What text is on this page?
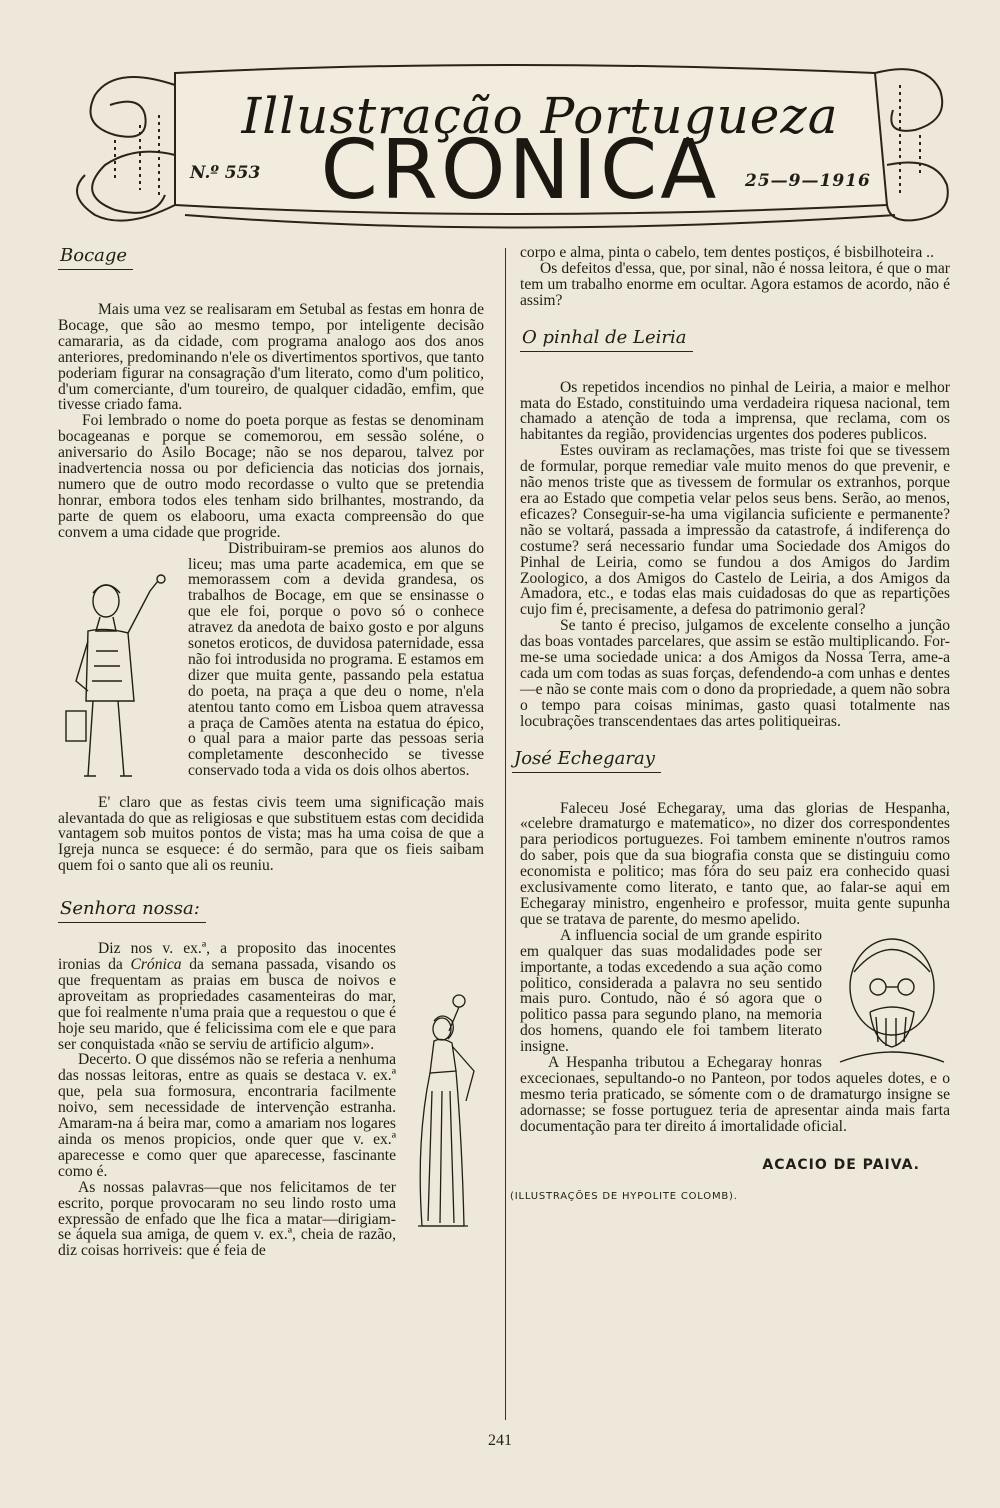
Illustração Portugueza
CRONICA
N.º 553	25—9—1916
Bocage

Mais uma vez se realisaram em Setubal as festas em honra de Bocage, que são ao mesmo tempo, por inteligente decisão camararia, as da cidade, com programa analogo aos dos anos anteriores, predominando n'ele os divertimentos sportivos, que tanto poderiam figurar na consagração d'um literato, como d'um politico, d'um comerciante, d'um toureiro, de qualquer cidadão, emfim, que tivesse criado fama.

Foi lembrado o nome do poeta porque as festas se denominam bocageanas e porque se comemorou, em sessão soléne, o aniversario do Asilo Bocage; não se nos deparou, talvez por inadvertencia nossa ou por deficiencia das noticias dos jornais, numero que de outro modo recordasse o vulto que se pretendia honrar, embora todos eles tenham sido brilhantes, mostrando, da parte de quem os elabooru, uma exacta compreensão do que convem a uma cidade que progride.

Distribuiram-se premios aos alunos do liceu; mas uma parte academica, em que se memorassem com a devida grandesa, os trabalhos de Bocage, em que se ensinasse o que ele foi, porque o povo só o conhece atravez da anedota de baixo gosto e por alguns sonetos eroticos, de duvidosa paternidade, essa não foi introdusida no programa. E estamos em dizer que muita gente, passando pela estatua do poeta, na praça a que deu o nome, n'ela atentou tanto como em Lisboa quem atravessa a praça de Camões atenta na estatua do épico, o qual para a maior parte das pessoas seria completamente desconhecido se tivesse conservado toda a vida os dois olhos abertos.

E' claro que as festas civis teem uma significação mais alevantada do que as religiosas e que substituem estas com decidida vantagem sob muitos pontos de vista; mas ha uma coisa de que a Igreja nunca se esquece: é do sermão, para que os fieis saibam quem foi o santo que ali os reuniu.

Senhora nossa:

Diz nos v. ex.ª, a proposito das inocentes ironias da Crónica da semana passada, visando os que frequentam as praias em busca de noivos e aproveitam as propriedades casamenteiras do mar, que foi realmente n'uma praia que a requestou o que é hoje seu marido, que é felicissima com ele e que para ser conquistada «não se serviu de artificio algum».

Decerto. O que dissémos não se referia a nenhuma das nossas leitoras, entre as quais se destaca v. ex.ª que, pela sua formosura, encontraria facilmente noivo, sem necessidade de intervenção estranha. Amaram-na á beira mar, como a amariam nos logares ainda os menos propicios, onde quer que v. ex.ª aparecesse e como quer que aparecesse, fascinante como é.

As nossas palavras—que nos felicitamos de ter escrito, porque provocaram no seu lindo rosto uma expressão de enfado que lhe fica a matar—dirigiam-se áquela sua amiga, de quem v. ex.ª, cheia de razão, diz coisas horriveis: que é feia de

corpo e alma, pinta o cabelo, tem dentes postiços, é bisbilhoteira ..

Os defeitos d'essa, que, por sinal, não é nossa leitora, é que o mar tem um trabalho enorme em ocultar. Agora estamos de acordo, não é assim?

O pinhal de Leiria

Os repetidos incendios no pinhal de Leiria, a maior e melhor mata do Estado, constituindo uma verdadeira riquesa nacional, tem chamado a atenção de toda a imprensa, que reclama, com os habitantes da região, providencias urgentes dos poderes publicos.

Estes ouviram as reclamações, mas triste foi que se tivessem de formular, porque remediar vale muito menos do que prevenir, e não menos triste que as tivessem de formular os extranhos, porque era ao Estado que competia velar pelos seus bens. Serão, ao menos, eficazes? Conseguir-se-ha uma vigilancia suficiente e permanente? não se voltará, passada a impressão da catastrofe, á indiferença do costume? será necessario fundar uma Sociedade dos Amigos do Pinhal de Leiria, como se fundou a dos Amigos do Jardim Zoologico, a dos Amigos do Castelo de Leiria, a dos Amigos da Amadora, etc., e todas elas mais cuidadosas do que as repartições cujo fim é, precisamente, a defesa do patrimonio geral?

Se tanto é preciso, julgamos de excelente conselho a junção das boas vontades parcelares, que assim se estão multiplicando. For-me-se uma sociedade unica: a dos Amigos da Nossa Terra, ame-a cada um com todas as suas forças, defendendo-a com unhas e dentes—e não se conte mais com o dono da propriedade, a quem não sobra o tempo para coisas minimas, gasto quasi totalmente nas locubrações transcendentaes das artes politiqueiras.

José Echegaray

Faleceu José Echegaray, uma das glorias de Hespanha, «celebre dramaturgo e matematico», no dizer dos correspondentes para periodicos portuguezes. Foi tambem eminente n'outros ramos do saber, pois que da sua biografia consta que se distinguiu como economista e politico; mas fóra do seu paiz era conhecido quasi exclusivamente como literato, e tanto que, ao falar-se aqui em Echegaray ministro, engenheiro e professor, muita gente supunha que se tratava de parente, do mesmo apelido.

A influencia social de um grande espirito em qualquer das suas modalidades pode ser importante, a todas excedendo a sua ação como politico, considerada a palavra no seu sentido mais puro. Contudo, não é só agora que o politico passa para segundo plano, na memoria dos homens, quando ele foi tambem literato insigne.

A Hespanha tributou a Echegaray honras excecionaes, sepultando-o no Panteon, por todos aqueles dotes, e o mesmo teria praticado, se sómente com o de dramaturgo insigne se adornasse; se fosse portuguez teria de apresentar ainda mais farta documentação para ter direito á imortalidade oficial.

ACACIO DE PAIVA.
(ILLUSTRAÇÕES DE HYPOLITE COLOMB).
241
